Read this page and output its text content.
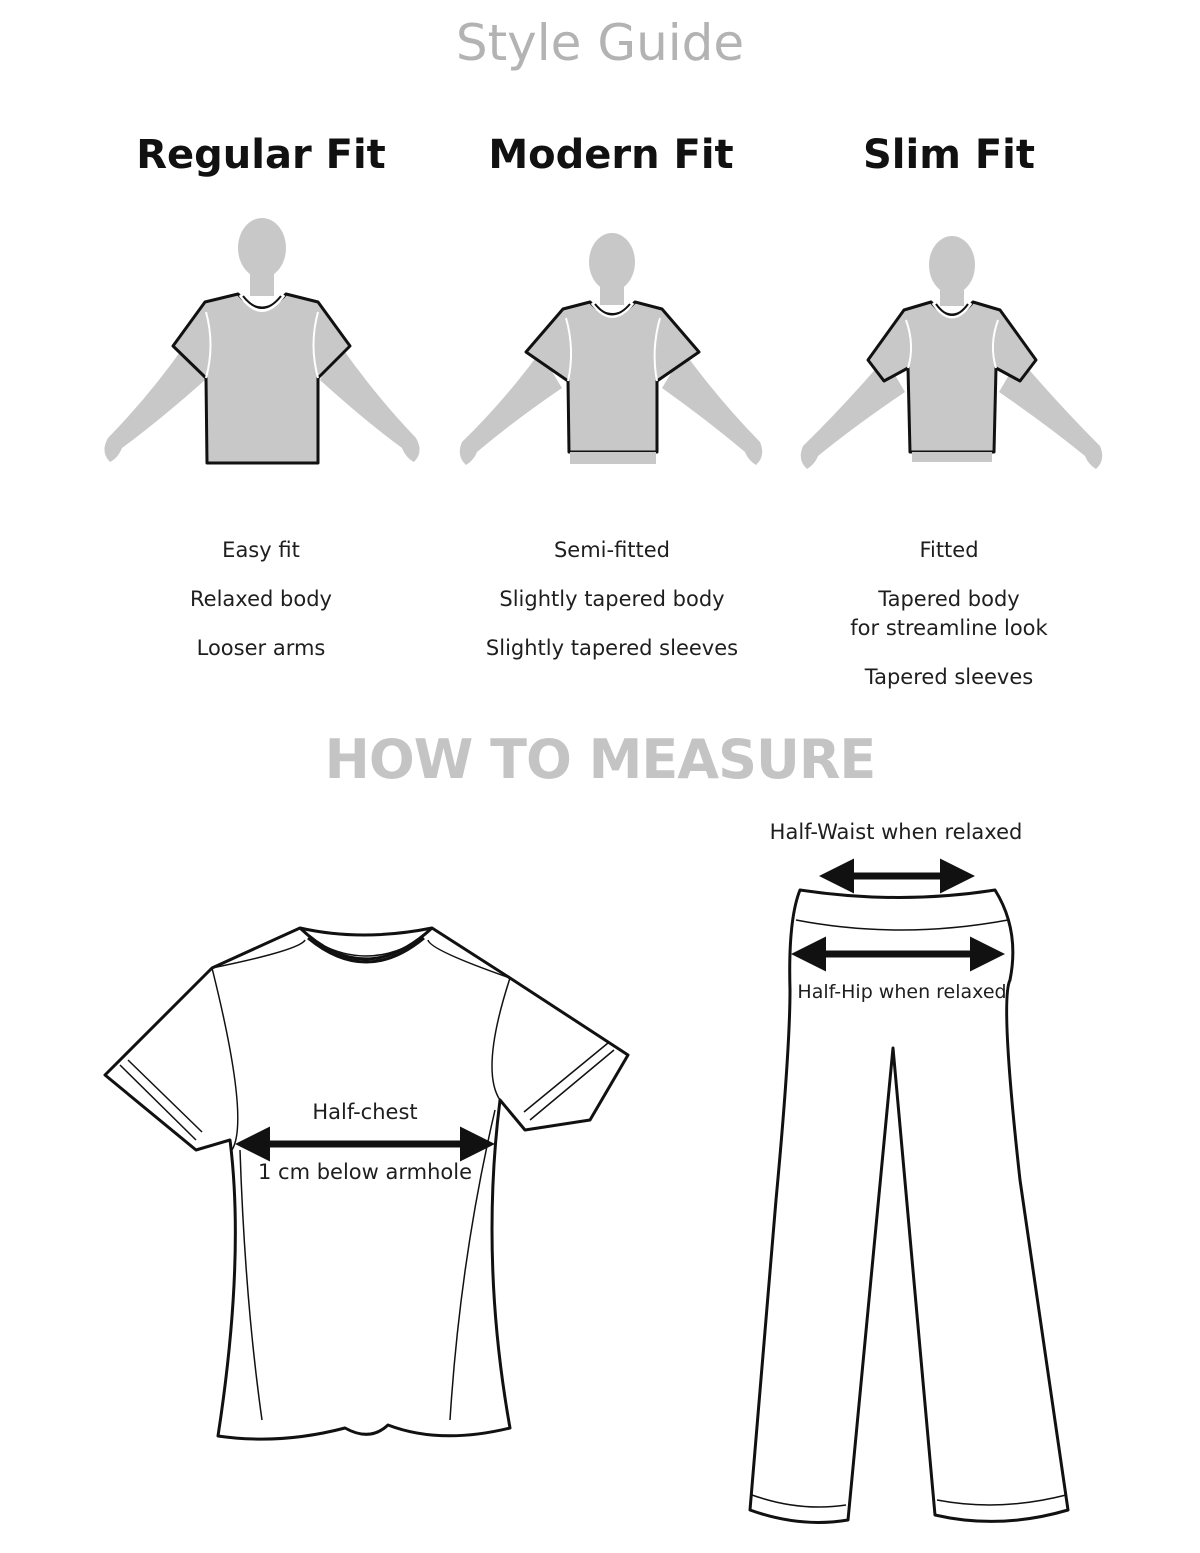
Style Guide
Regular Fit	Modern Fit	Slim Fit
Easy fit
Relaxed body
Looser arms
Semi-fitted
Slightly tapered body
Slightly tapered sleeves
Fitted
Tapered body
for streamline look
Tapered sleeves
HOW TO MEASURE
Half-chest
1 cm below armhole
Half-Waist when relaxed
Half-Hip when relaxed
